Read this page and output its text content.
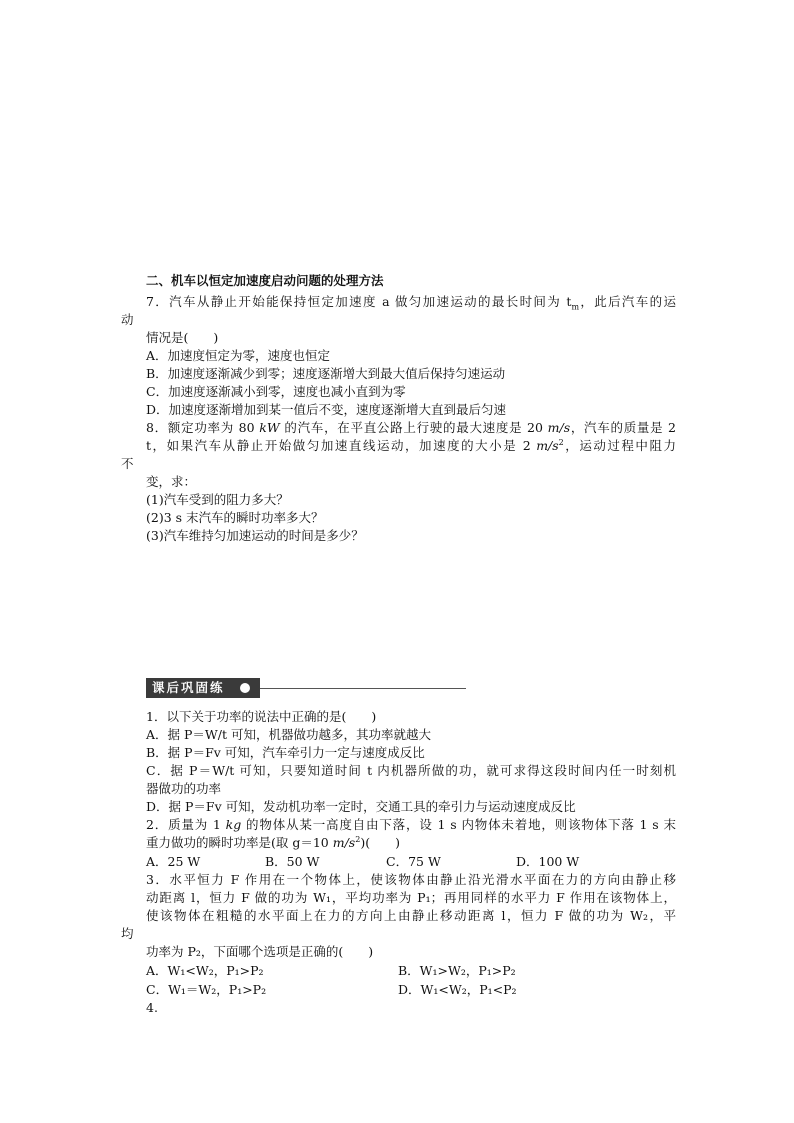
二、机车以恒定加速度启动问题的处理方法
7．汽车从静止开始能保持恒定加速度 a 做匀加速运动的最长时间为 $t_m$，此后汽车的运
动
情况是(　　)
A．加速度恒定为零，速度也恒定
B．加速度逐渐减少到零；速度逐渐增大到最大值后保持匀速运动
C．加速度逐渐减小到零，速度也减小直到为零
D．加速度逐渐增加到某一值后不变，速度逐渐增大直到最后匀速
8．额定功率为 80 kW 的汽车，在平直公路上行驶的最大速度是 20 m/s，汽车的质量是 2
t，如果汽车从静止开始做匀加速直线运动，加速度的大小是 2 $m/s^2$，运动过程中阻力
不
变，求：
(1)汽车受到的阻力多大？
(2)3 s 末汽车的瞬时功率多大？
(3)汽车维持匀加速运动的时间是多少？
课后巩固练
1．以下关于功率的说法中正确的是(　　)
A．据 P＝W/t 可知，机器做功越多，其功率就越大
B．据 P＝Fv 可知，汽车牵引力一定与速度成反比
C．据 P＝W/t 可知，只要知道时间 t 内机器所做的功，就可求得这段时间内任一时刻机
器做功的功率
D．据 P＝Fv 可知，发动机功率一定时，交通工具的牵引力与运动速度成反比
2．质量为 1 kg 的物体从某一高度自由下落，设 1 s 内物体未着地，则该物体下落 1 s 末
重力做功的瞬时功率是(取 g＝10 $m/s^2$)(　　)
A．25 W	B．50 W	C．75 W	D．100 W
3．水平恒力 F 作用在一个物体上，使该物体由静止沿光滑水平面在力的方向由静止移
动距离 l，恒力 F 做的功为 W₁，平均功率为 P₁；再用同样的水平力 F 作用在该物体上，
使该物体在粗糙的水平面上在力的方向上由静止移动距离 l，恒力 F 做的功为 W₂，平
均
功率为 P₂，下面哪个选项是正确的(　　)
A．W₁<W₂，P₁>P₂	B．W₁>W₂，P₁>P₂
C．W₁＝W₂，P₁>P₂	D．W₁<W₂，P₁<P₂
4.
